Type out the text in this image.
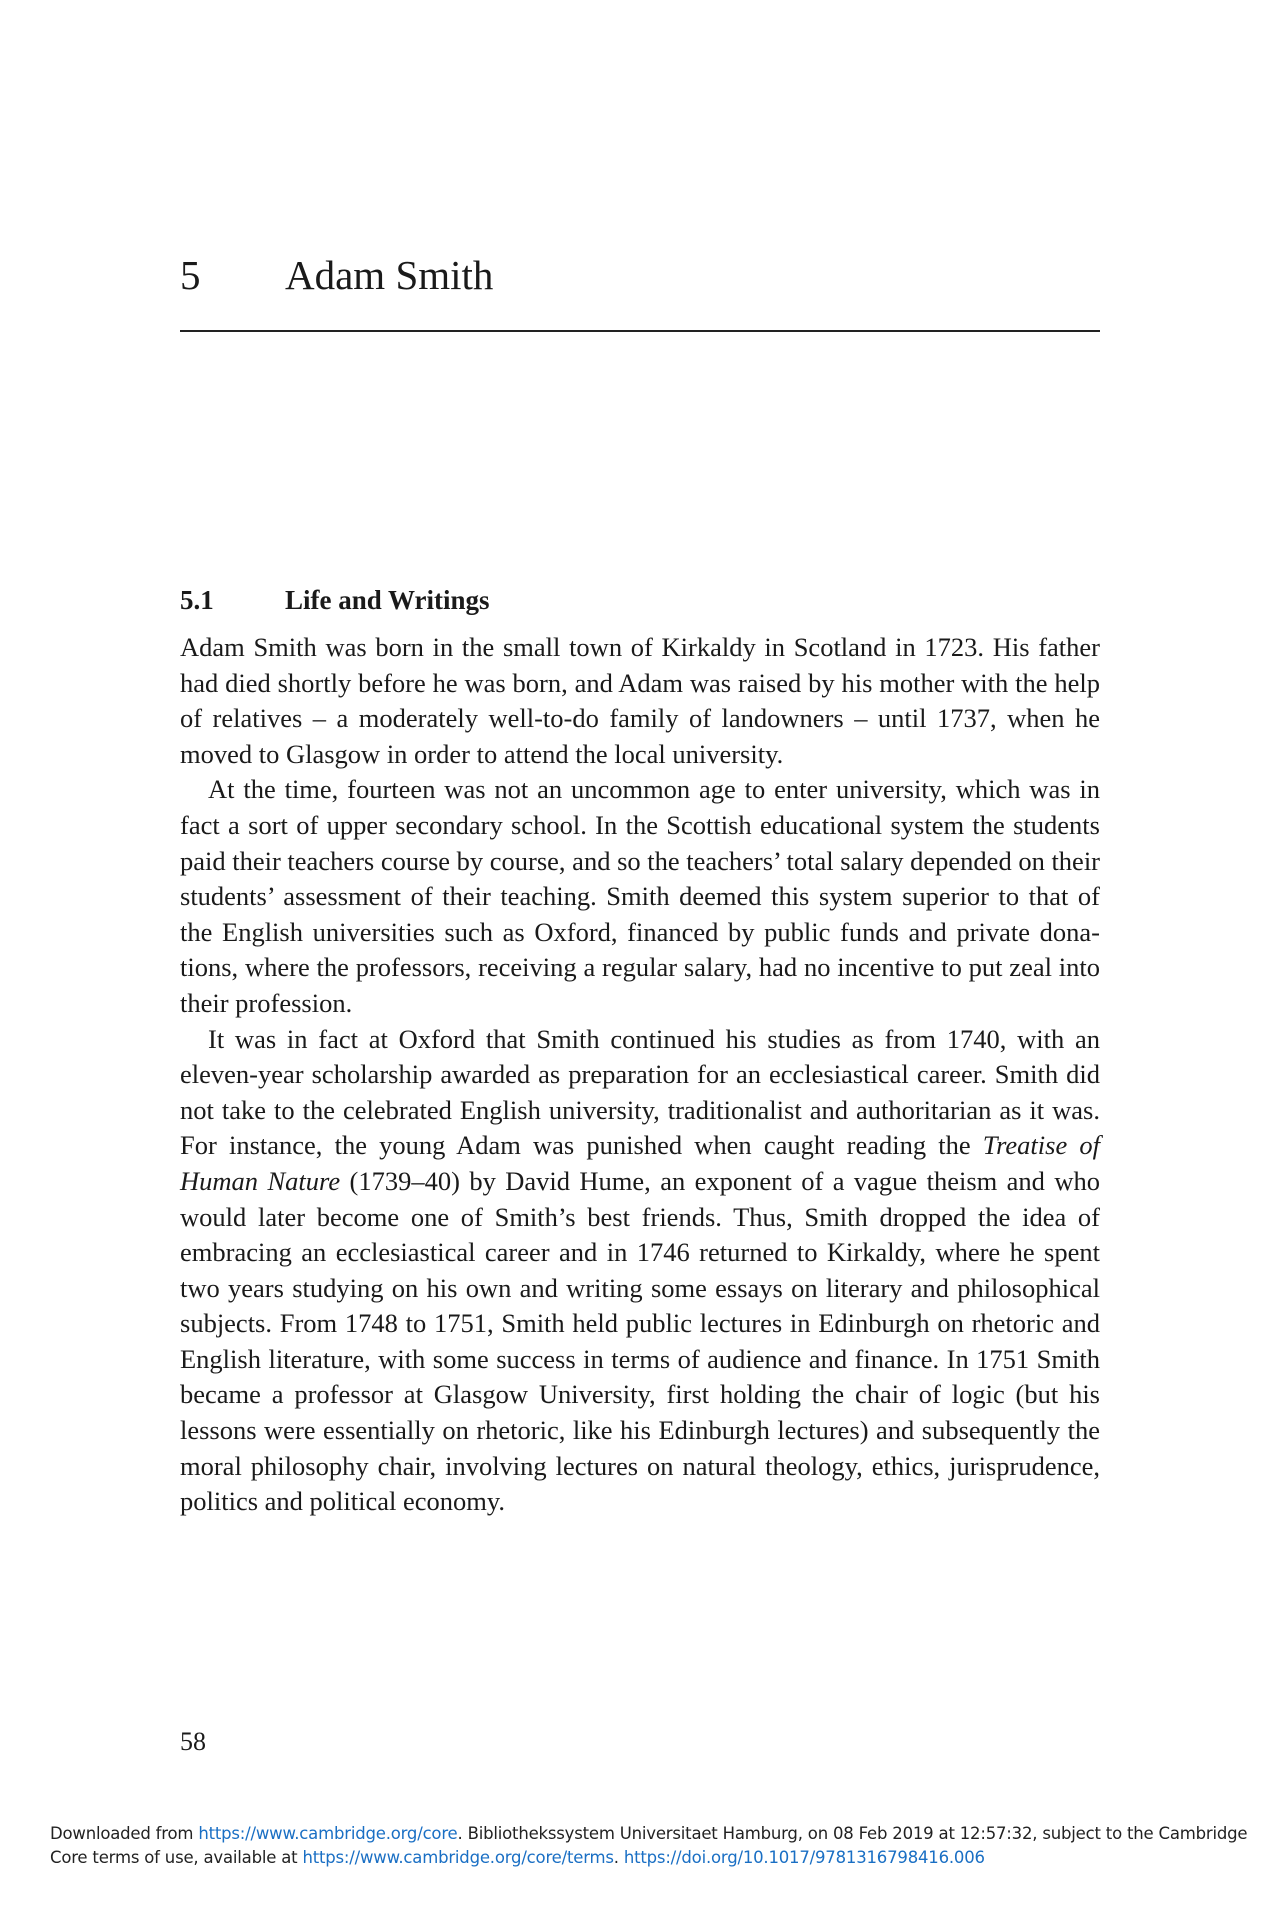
5 Adam Smith
5.1	Life and Writings

Adam Smith was born in the small town of Kirkaldy in Scotland in 1723. His father had died shortly before he was born, and Adam was raised by his mother with the help of relatives – a moderately well-to-do family of landowners – until 1737, when he moved to Glasgow in order to attend the local university.

At the time, fourteen was not an uncommon age to enter university, which was in fact a sort of upper secondary school. In the Scottish educational system the students paid their teachers course by course, and so the teachers’ total salary depended on their students’ assessment of their teaching. Smith deemed this system superior to that of the English universities such as Oxford, financed by public funds and private donations, where the professors, receiving a regular salary, had no incentive to put zeal into their profession.

It was in fact at Oxford that Smith continued his studies as from 1740, with an eleven-year scholarship awarded as preparation for an ecclesiastical career. Smith did not take to the celebrated English university, traditionalist and authoritarian as it was. For instance, the young Adam was punished when caught reading the Treatise of Human Nature (1739–40) by David Hume, an exponent of a vague theism and who would later become one of Smith’s best friends. Thus, Smith dropped the idea of embracing an ecclesiastical career and in 1746 returned to Kirkaldy, where he spent two years studying on his own and writing some essays on literary and philosophical subjects. From 1748 to 1751, Smith held public lectures in Edinburgh on rhetoric and English literature, with some success in terms of audience and finance. In 1751 Smith became a professor at Glasgow University, first holding the chair of logic (but his lessons were essentially on rhetoric, like his Edinburgh lectures) and subsequently the moral philosophy chair, involving lectures on natural theology, ethics, jurisprudence, politics and political economy.

58
Downloaded from https://www.cambridge.org/core. Bibliothekssystem Universitaet Hamburg, on 08 Feb 2019 at 12:57:32, subject to the Cambridge Core terms of use, available at https://www.cambridge.org/core/terms. https://doi.org/10.1017/9781316798416.006
